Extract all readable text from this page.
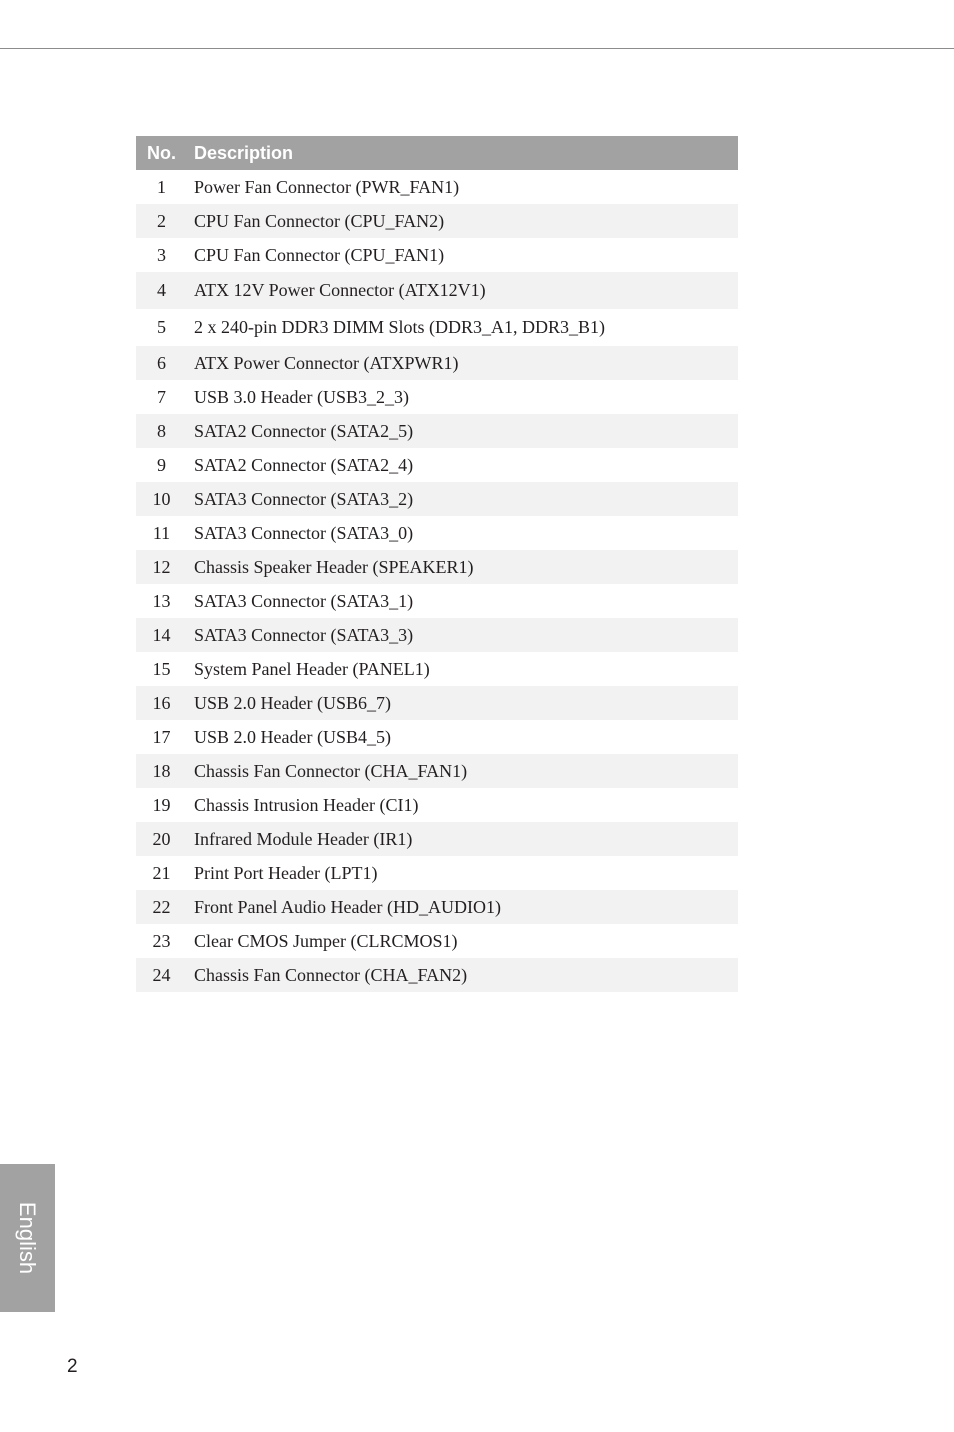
No.	Description
1	Power Fan Connector (PWR_FAN1)
2	CPU Fan Connector (CPU_FAN2)
3	CPU Fan Connector (CPU_FAN1)
4	ATX 12V Power Connector (ATX12V1)
5	2 x 240-pin DDR3 DIMM Slots (DDR3_A1, DDR3_B1)
6	ATX Power Connector (ATXPWR1)
7	USB 3.0 Header (USB3_2_3)
8	SATA2 Connector (SATA2_5)
9	SATA2 Connector (SATA2_4)
10	SATA3 Connector (SATA3_2)
11	SATA3 Connector (SATA3_0)
12	Chassis Speaker Header (SPEAKER1)
13	SATA3 Connector (SATA3_1)
14	SATA3 Connector (SATA3_3)
15	System Panel Header (PANEL1)
16	USB 2.0 Header (USB6_7)
17	USB 2.0 Header (USB4_5)
18	Chassis Fan Connector (CHA_FAN1)
19	Chassis Intrusion Header (CI1)
20	Infrared Module Header (IR1)
21	Print Port Header (LPT1)
22	Front Panel Audio Header (HD_AUDIO1)
23	Clear CMOS Jumper (CLRCMOS1)
24	Chassis Fan Connector (CHA_FAN2)
English
2
